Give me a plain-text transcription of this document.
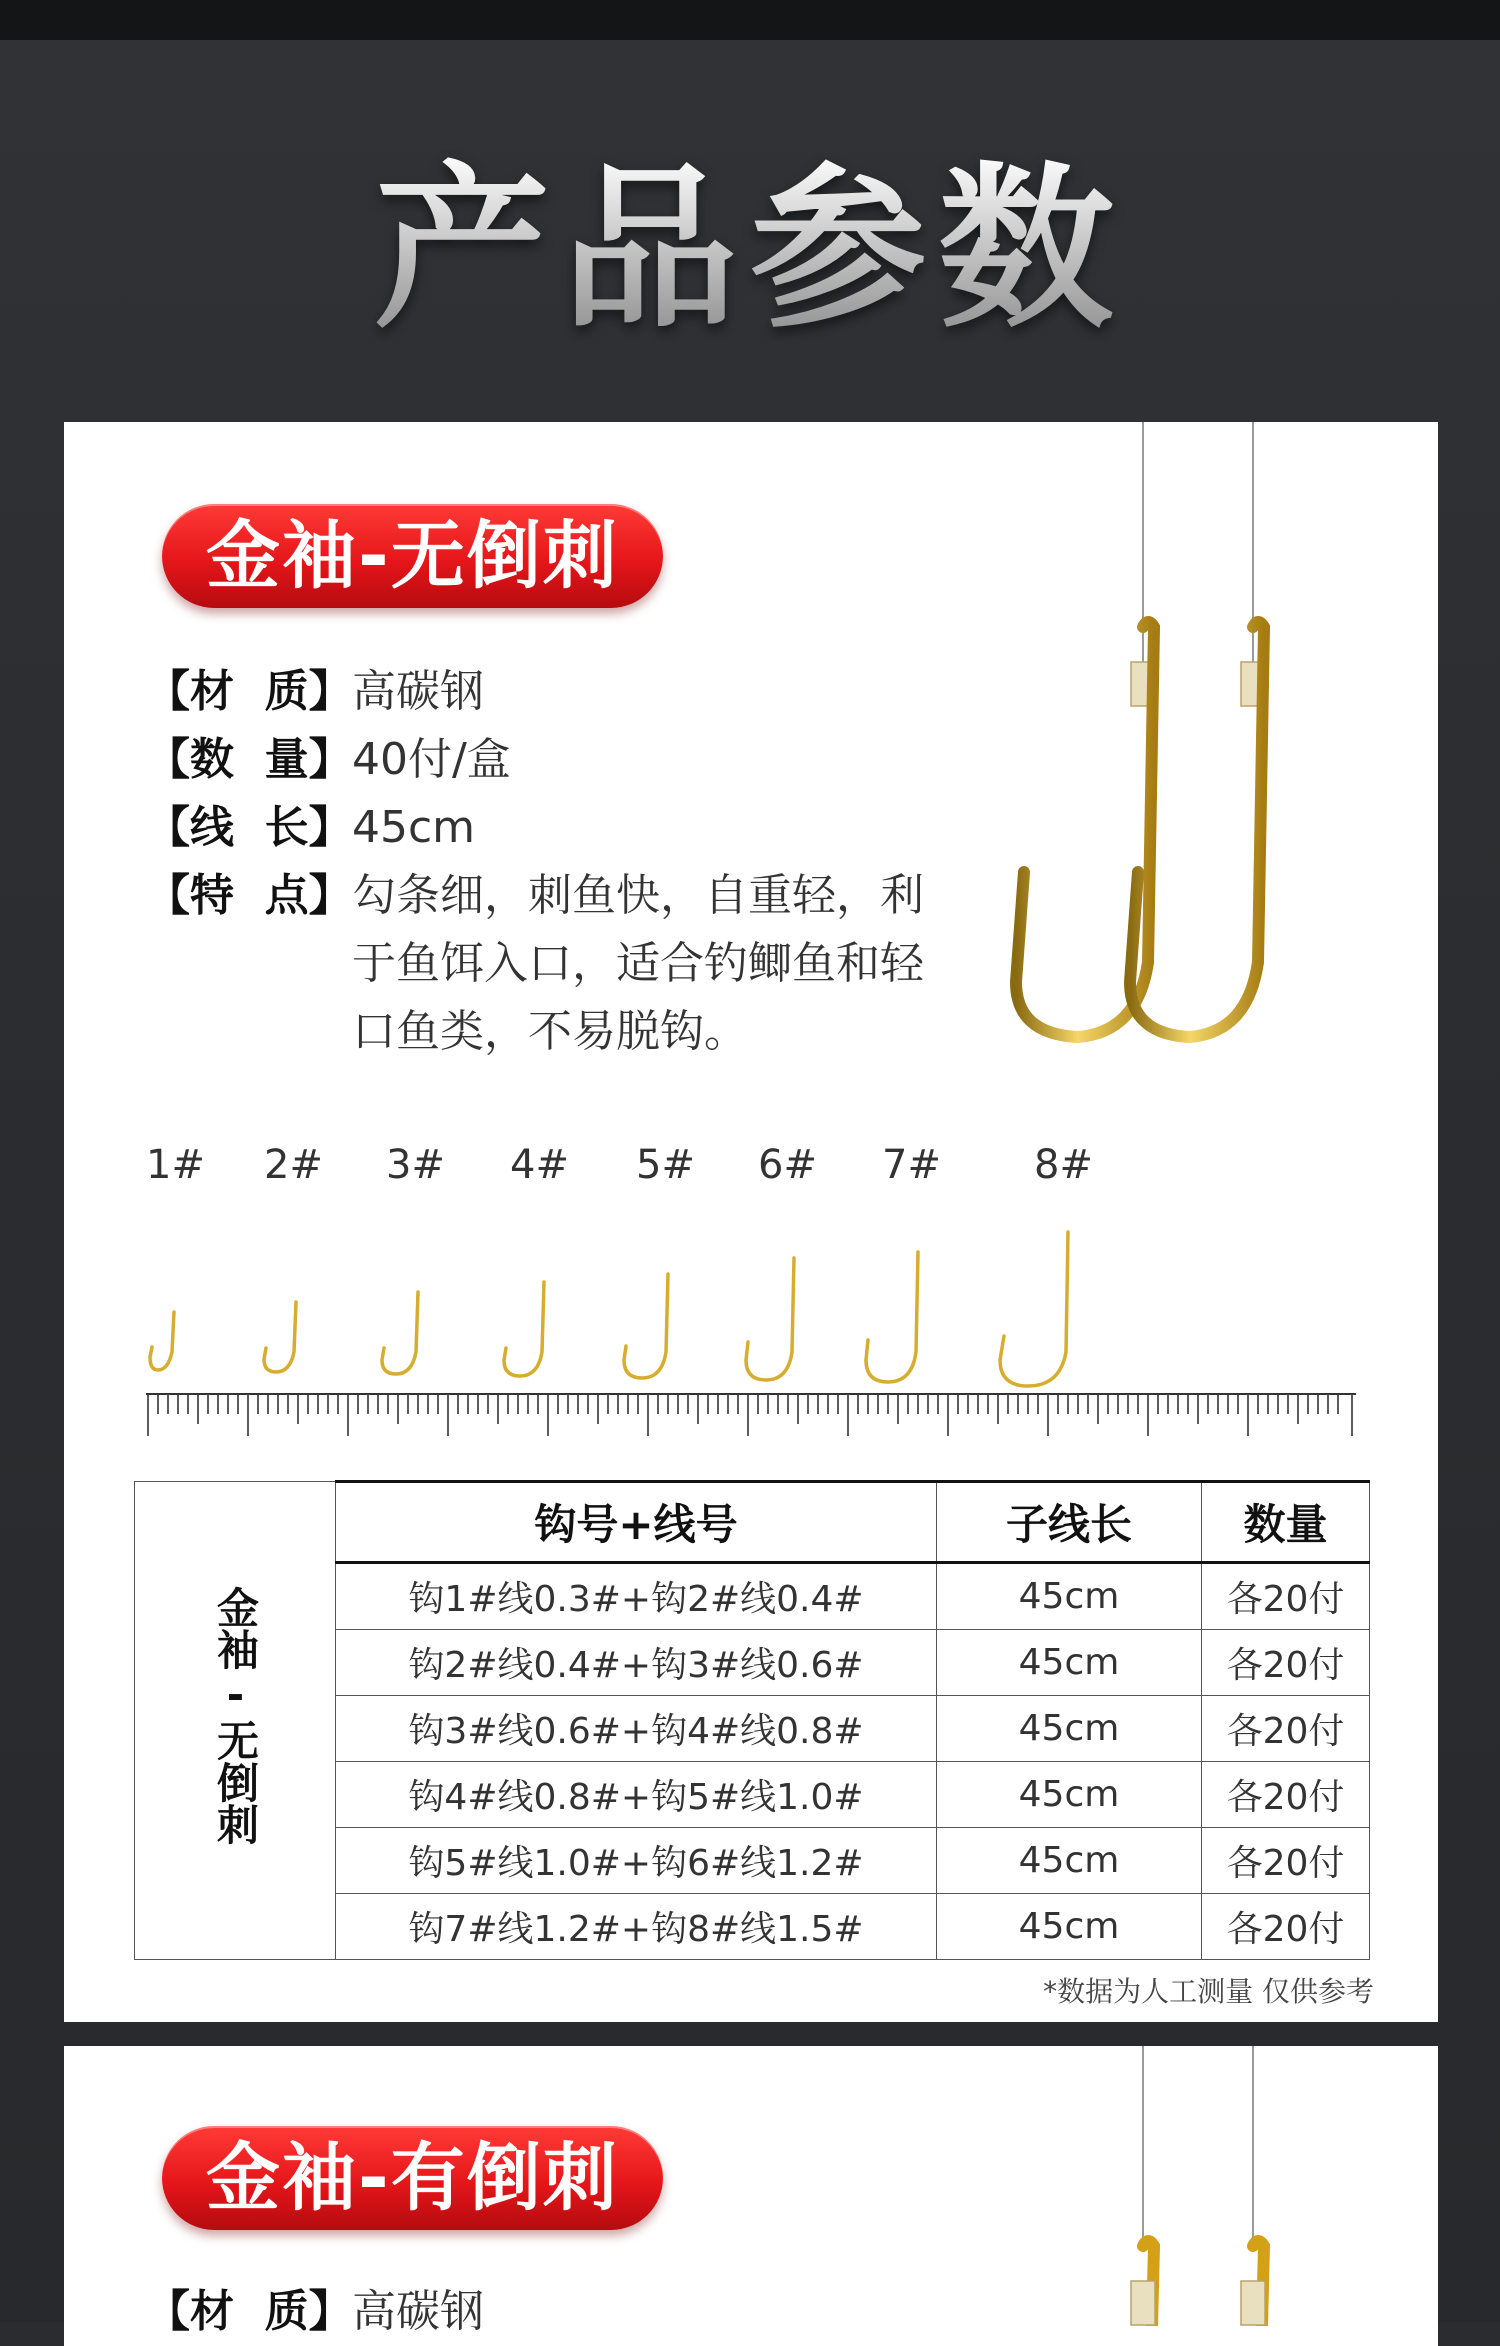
产品参数
金袖-无倒刺
【材  质】 高碳钢
【数  量】 40付/盒
【线  长】 45cm
【特  点】 勾条细，刺鱼快，自重轻，利于鱼饵入口，适合钓鲫鱼和轻口鱼类，不易脱钩。
1# 2# 3# 4# 5# 6# 7# 8#
金袖-无倒刺	钩号+线号	子线长	数量
	钩1#线0.3#+钩2#线0.4#	45cm	各20付
	钩2#线0.4#+钩3#线0.6#	45cm	各20付
	钩3#线0.6#+钩4#线0.8#	45cm	各20付
	钩4#线0.8#+钩5#线1.0#	45cm	各20付
	钩5#线1.0#+钩6#线1.2#	45cm	各20付
	钩7#线1.2#+钩8#线1.5#	45cm	各20付
*数据为人工测量 仅供参考
金袖-有倒刺
【材  质】 高碳钢
